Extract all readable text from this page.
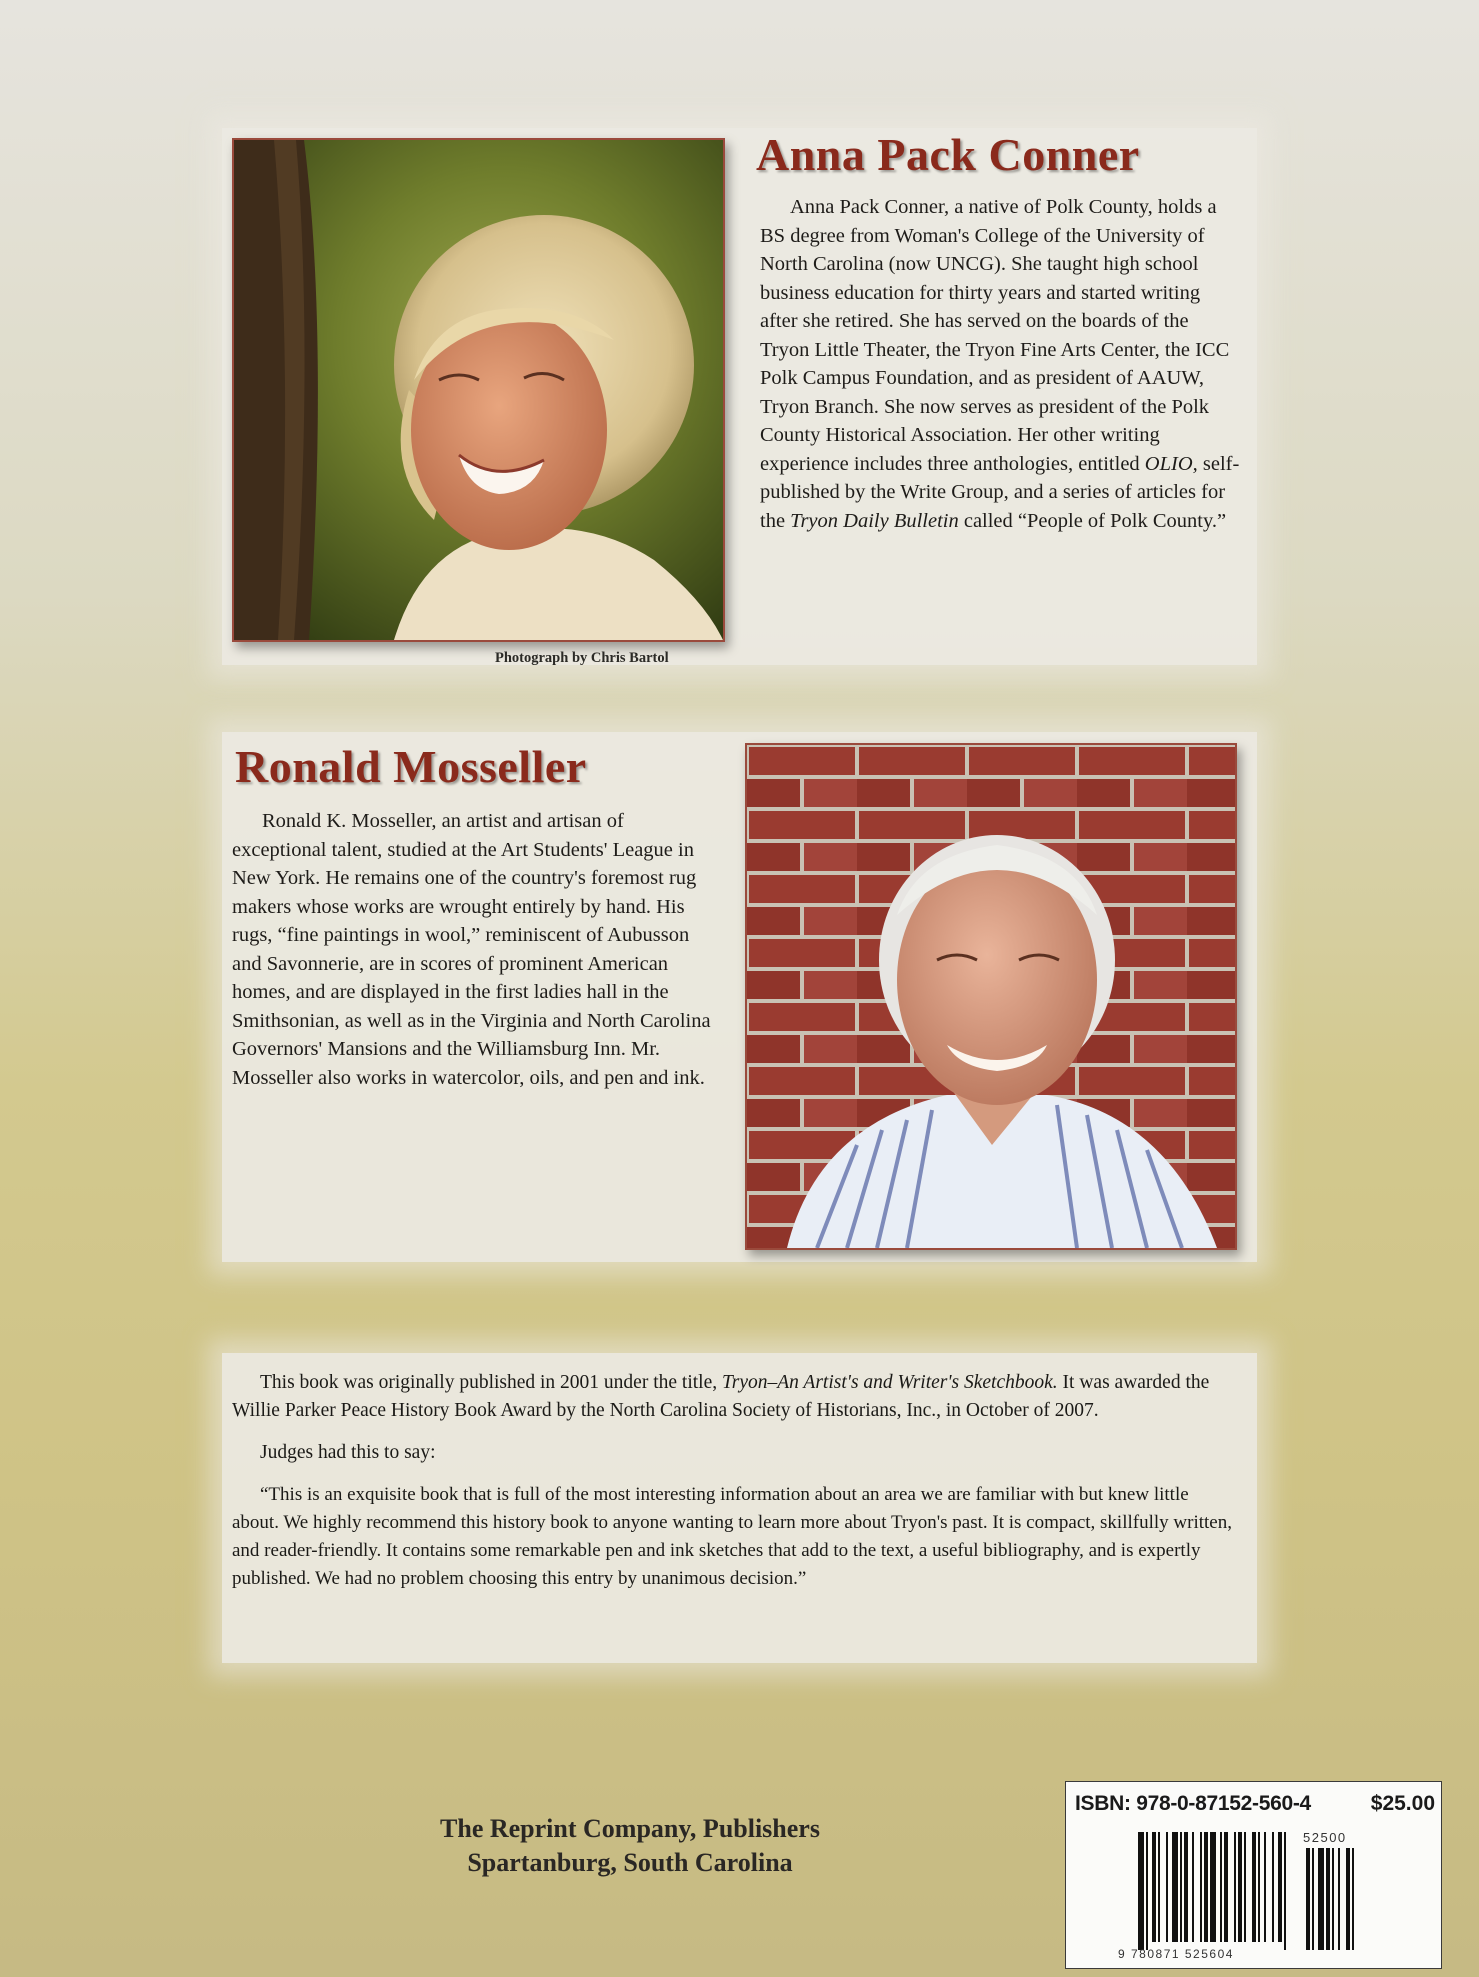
Photograph by Chris Bartol
Anna Pack Conner

Anna Pack Conner, a native of Polk County, holds a BS degree from Woman's College of the University of North Carolina (now UNCG). She taught high school business education for thirty years and started writing after she retired. She has served on the boards of the Tryon Little Theater, the Tryon Fine Arts Center, the ICC Polk Campus Foundation, and as president of AAUW, Tryon Branch. She now serves as president of the Polk County Historical Association. Her other writing experience includes three anthologies, entitled OLIO, self-published by the Write Group, and a series of articles for the Tryon Daily Bulletin called “People of Polk County.”

Ronald Mosseller

Ronald K. Mosseller, an artist and artisan of exceptional talent, studied at the Art Students' League in New York. He remains one of the country's foremost rug makers whose works are wrought entirely by hand. His rugs, “fine paintings in wool,” reminiscent of Aubusson and Savonnerie, are in scores of prominent American homes, and are displayed in the first ladies hall in the Smithsonian, as well as in the Virginia and North Carolina Governors' Mansions and the Williamsburg Inn. Mr. Mosseller also works in watercolor, oils, and pen and ink.

This book was originally published in 2001 under the title, Tryon–An Artist's and Writer's Sketchbook. It was awarded the Willie Parker Peace History Book Award by the North Carolina Society of Historians, Inc., in October of 2007.

Judges had this to say:

“This is an exquisite book that is full of the most interesting information about an area we are familiar with but knew little about. We highly recommend this history book to anyone wanting to learn more about Tryon's past. It is compact, skillfully written, and reader-friendly. It contains some remarkable pen and ink sketches that add to the text, a useful bibliography, and is expertly published. We had no problem choosing this entry by unanimous decision.”

The Reprint Company, Publishers
Spartanburg, South Carolina
ISBN: 978-0-87152-560-4	$25.00
9 780871 525604
52500
